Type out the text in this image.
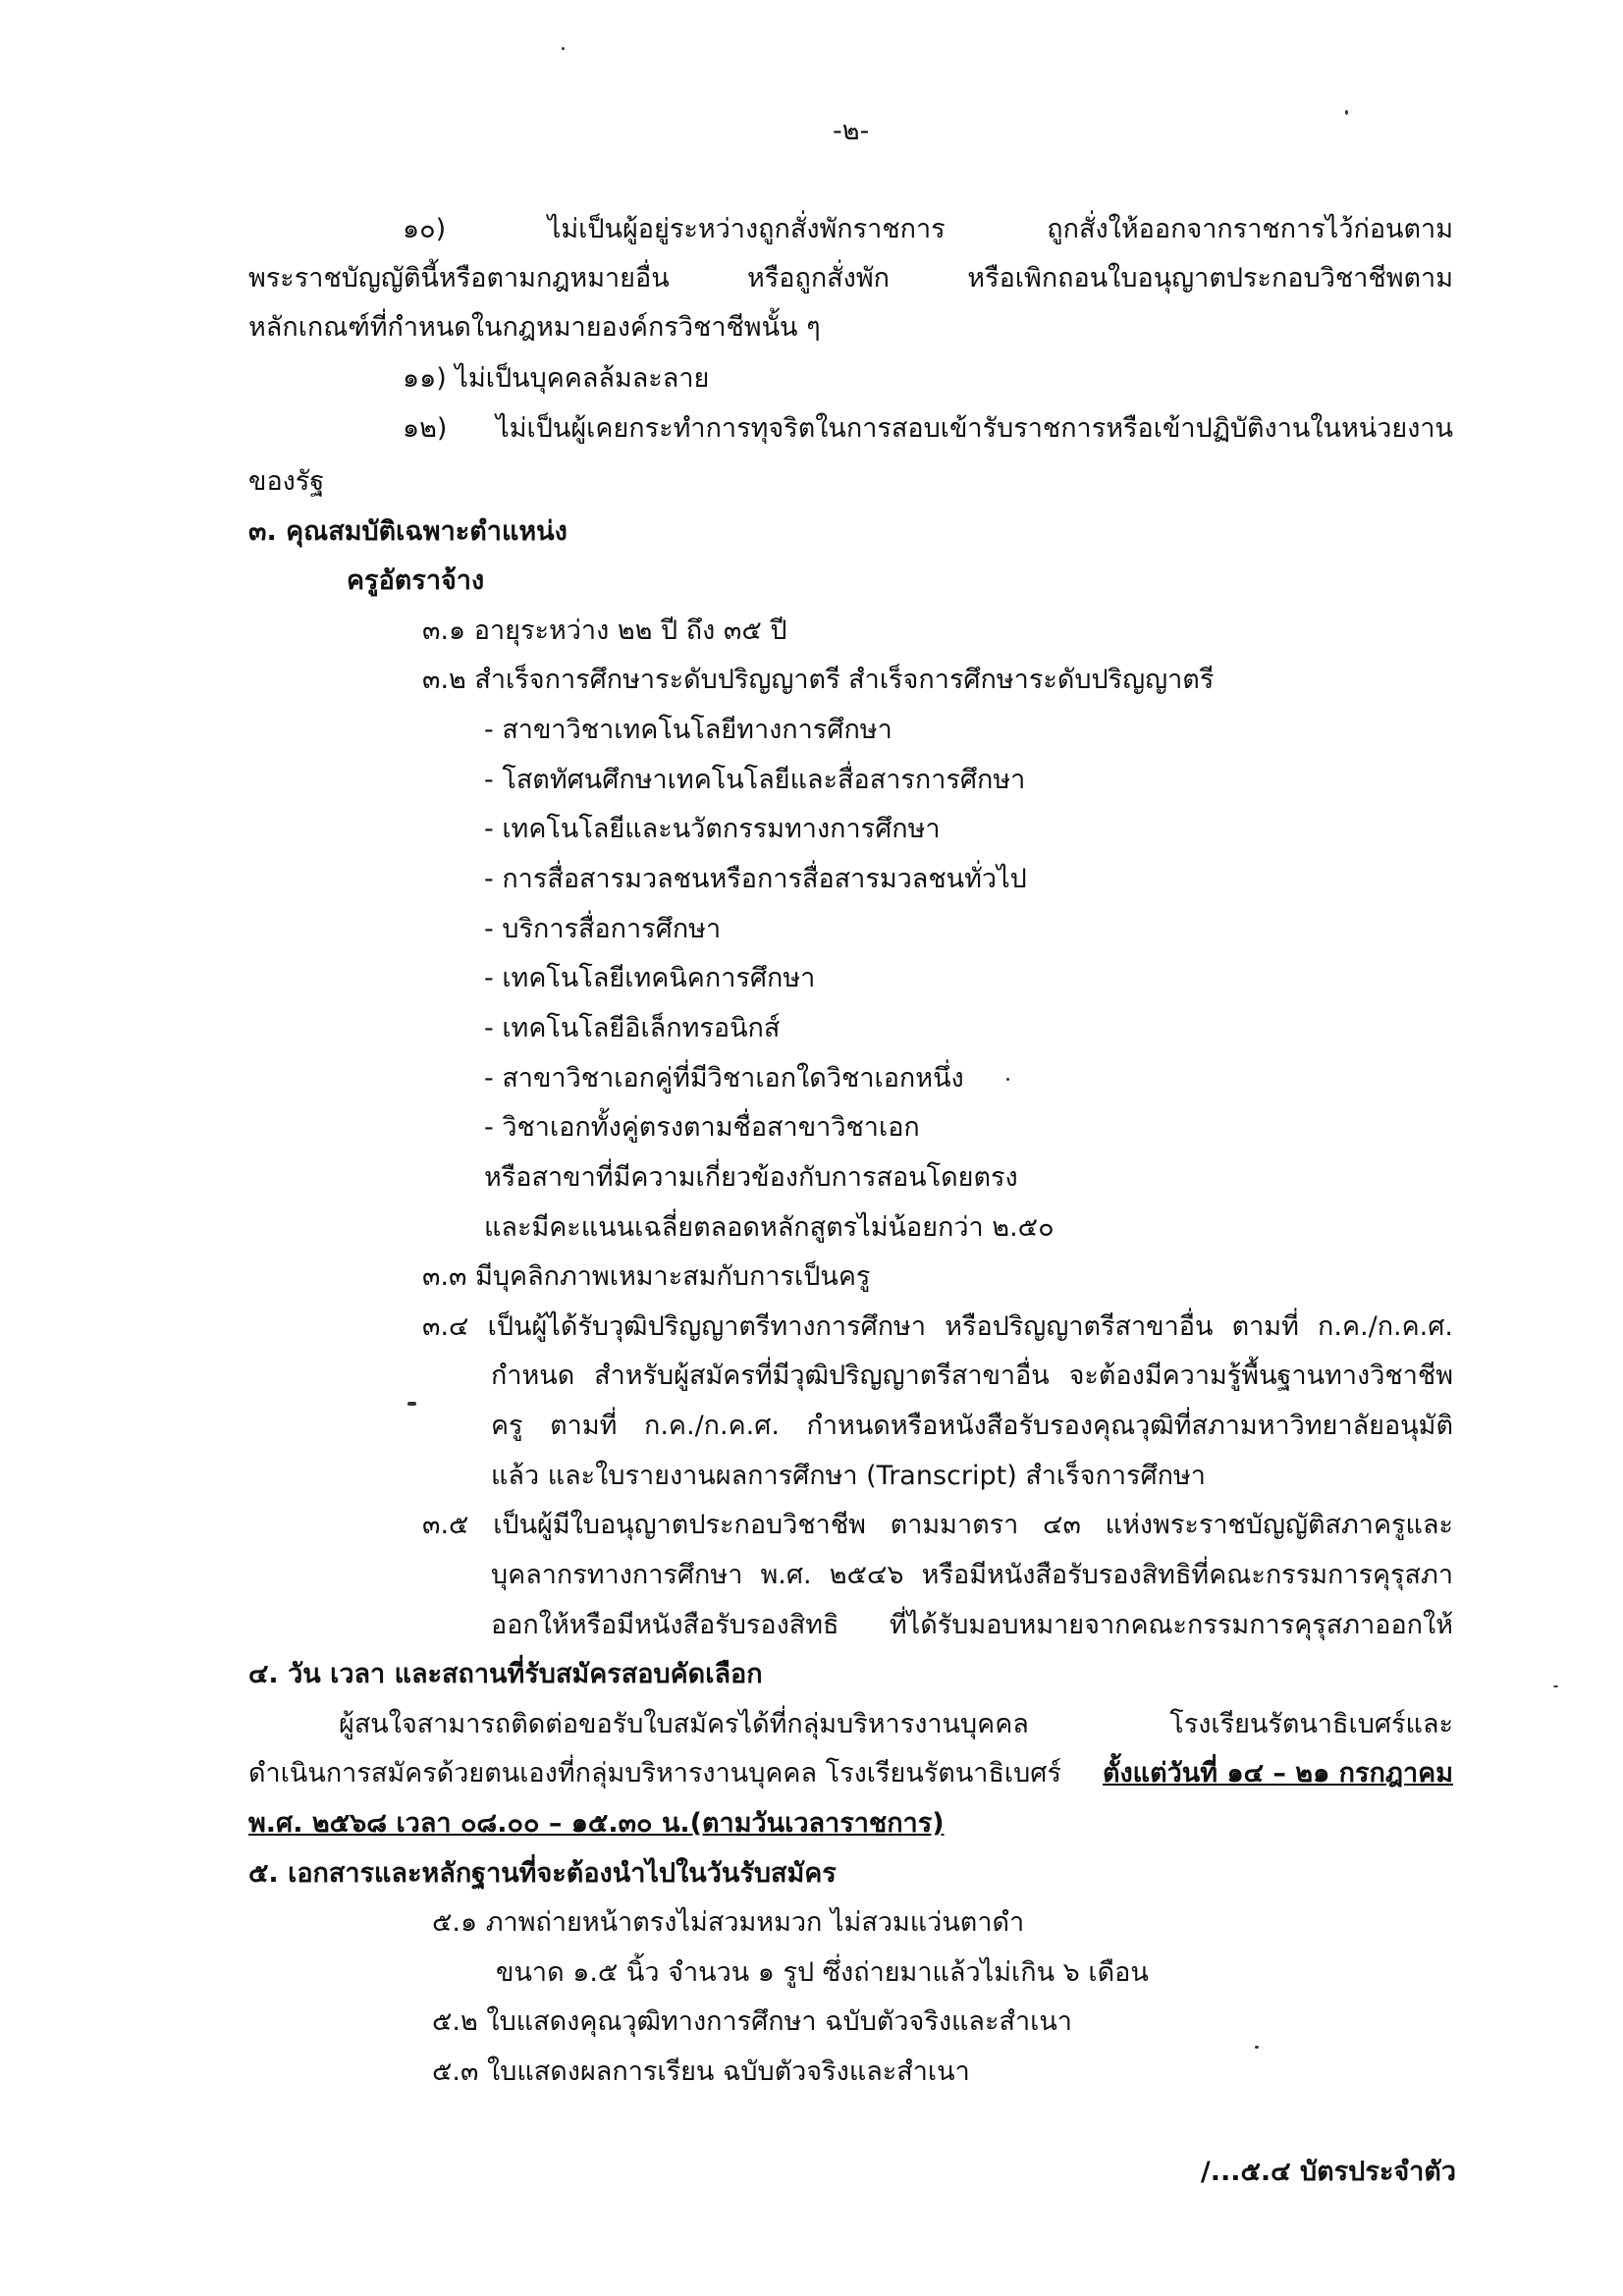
-๒-
๑๐) ไม่เป็นผู้อยู่ระหว่างถูกสั่งพักราชการ ถูกสั่งให้ออกจากราชการไว้ก่อนตาม
พระราชบัญญัตินี้หรือตามกฎหมายอื่น หรือถูกสั่งพัก หรือเพิกถอนใบอนุญาตประกอบวิชาชีพตาม
หลักเกณฑ์ที่กำหนดในกฎหมายองค์กรวิชาชีพนั้น ๆ
๑๑) ไม่เป็นบุคคลล้มละลาย
๑๒) ไม่เป็นผู้เคยกระทำการทุจริตในการสอบเข้ารับราชการหรือเข้าปฏิบัติงานในหน่วยงาน
ของรัฐ
๓. คุณสมบัติเฉพาะตำแหน่ง
ครูอัตราจ้าง
๓.๑ อายุระหว่าง ๒๒ ปี ถึง ๓๕ ปี
๓.๒ สำเร็จการศึกษาระดับปริญญาตรี สำเร็จการศึกษาระดับปริญญาตรี
- สาขาวิชาเทคโนโลยีทางการศึกษา
- โสตทัศนศึกษาเทคโนโลยีและสื่อสารการศึกษา
- เทคโนโลยีและนวัตกรรมทางการศึกษา
- การสื่อสารมวลชนหรือการสื่อสารมวลชนทั่วไป
- บริการสื่อการศึกษา
- เทคโนโลยีเทคนิคการศึกษา
- เทคโนโลยีอิเล็กทรอนิกส์
- สาขาวิชาเอกคู่ที่มีวิชาเอกใดวิชาเอกหนึ่ง
- วิชาเอกทั้งคู่ตรงตามชื่อสาขาวิชาเอก
หรือสาขาที่มีความเกี่ยวข้องกับการสอนโดยตรง
และมีคะแนนเฉลี่ยตลอดหลักสูตรไม่น้อยกว่า ๒.๕๐
๓.๓ มีบุคลิกภาพเหมาะสมกับการเป็นครู
๓.๔ เป็นผู้ได้รับวุฒิปริญญาตรีทางการศึกษา หรือปริญญาตรีสาขาอื่น ตามที่ ก.ค./ก.ค.ศ.
กำหนด สำหรับผู้สมัครที่มีวุฒิปริญญาตรีสาขาอื่น จะต้องมีความรู้พื้นฐานทางวิชาชีพ
ครู ตามที่ ก.ค./ก.ค.ศ. กำหนดหรือหนังสือรับรองคุณวุฒิที่สภามหาวิทยาลัยอนุมัติ
แล้ว และใบรายงานผลการศึกษา (Transcript) สำเร็จการศึกษา
๓.๕ เป็นผู้มีใบอนุญาตประกอบวิชาชีพ ตามมาตรา ๔๓ แห่งพระราชบัญญัติสภาครูและ
บุคลากรทางการศึกษา พ.ศ. ๒๕๔๖ หรือมีหนังสือรับรองสิทธิที่คณะกรรมการคุรุสภา
ออกให้หรือมีหนังสือรับรองสิทธิ ที่ได้รับมอบหมายจากคณะกรรมการคุรุสภาออกให้
๔. วัน เวลา และสถานที่รับสมัครสอบคัดเลือก
ผู้สนใจสามารถติดต่อขอรับใบสมัครได้ที่กลุ่มบริหารงานบุคคล โรงเรียนรัตนาธิเบศร์และ
ดำเนินการสมัครด้วยตนเองที่กลุ่มบริหารงานบุคคล โรงเรียนรัตนาธิเบศร์ ตั้งแต่วันที่ ๑๔ – ๒๑ กรกฎาคม
พ.ศ. ๒๕๖๘ เวลา ๐๘.๐๐ – ๑๕.๓๐ น.(ตามวันเวลาราชการ)
๕. เอกสารและหลักฐานที่จะต้องนำไปในวันรับสมัคร
๕.๑ ภาพถ่ายหน้าตรงไม่สวมหมวก ไม่สวมแว่นตาดำ
ขนาด ๑.๕ นิ้ว จำนวน ๑ รูป ซึ่งถ่ายมาแล้วไม่เกิน ๖ เดือน
๕.๒ ใบแสดงคุณวุฒิทางการศึกษา ฉบับตัวจริงและสำเนา
๕.๓ ใบแสดงผลการเรียน ฉบับตัวจริงและสำเนา
/...๕.๔ บัตรประจำตัว
